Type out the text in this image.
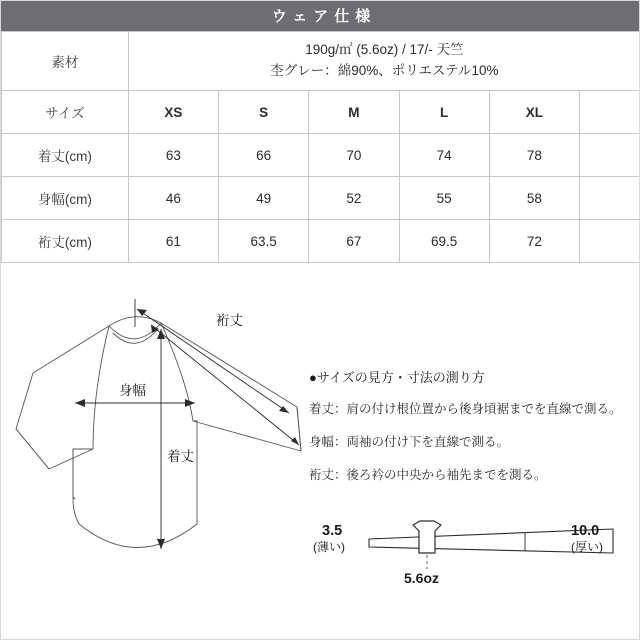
ウェア仕様
素材	190g/㎡ (5.6oz) / 17/- 天竺
杢グレー：綿90%、ポリエステル10%					

サイズ	XS	S	M	L	XL	
着丈(cm)	63	66	70	74	78	
身幅(cm)	46	49	52	55	58	
裄丈(cm)	61	63.5	67	69.5	72	
裄丈
身幅
着丈
3.5
(薄い)
10.0
(厚い)
5.6oz

●サイズの見方・寸法の測り方

着丈：肩の付け根位置から後身頃裾までを直線で測る。

身幅：両袖の付け下を直線で測る。

裄丈：後ろ衿の中央から袖先までを測る。
